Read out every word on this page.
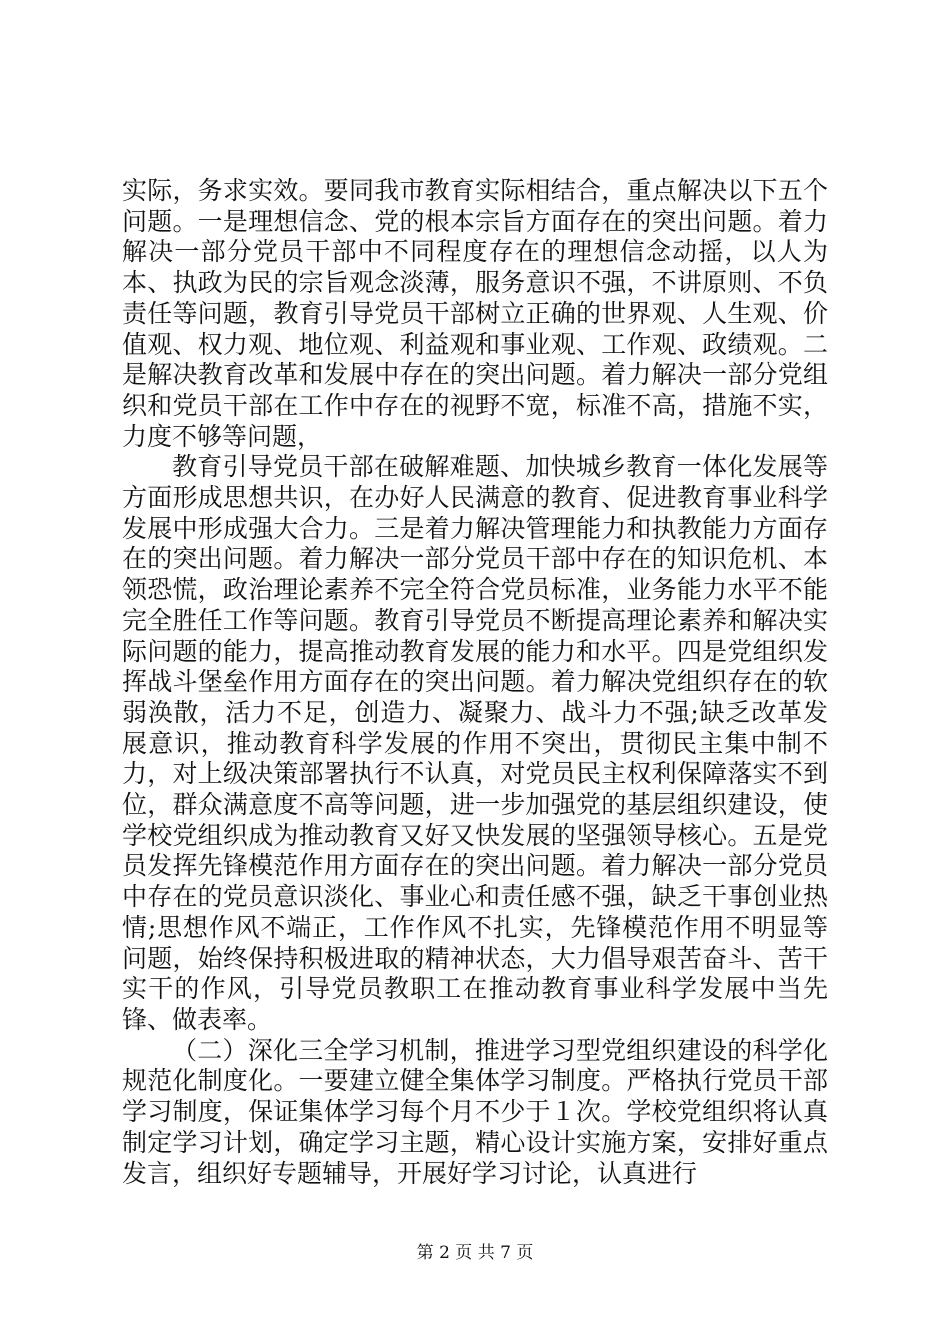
实际，务求实效。要同我市教育实际相结合，重点解决以下五个问题。一是理想信念、党的根本宗旨方面存在的突出问题。着力解决一部分党员干部中不同程度存在的理想信念动摇，以人为本、执政为民的宗旨观念淡薄，服务意识不强，不讲原则、不负责任等问题，教育引导党员干部树立正确的世界观、人生观、价值观、权力观、地位观、利益观和事业观、工作观、政绩观。二是解决教育改革和发展中存在的突出问题。着力解决一部分党组织和党员干部在工作中存在的视野不宽，标准不高，措施不实，力度不够等问题，

教育引导党员干部在破解难题、加快城乡教育一体化发展等方面形成思想共识，在办好人民满意的教育、促进教育事业科学发展中形成强大合力。三是着力解决管理能力和执教能力方面存在的突出问题。着力解决一部分党员干部中存在的知识危机、本领恐慌，政治理论素养不完全符合党员标准，业务能力水平不能完全胜任工作等问题。教育引导党员不断提高理论素养和解决实际问题的能力，提高推动教育发展的能力和水平。四是党组织发挥战斗堡垒作用方面存在的突出问题。着力解决党组织存在的软弱涣散，活力不足，创造力、凝聚力、战斗力不强;缺乏改革发展意识，推动教育科学发展的作用不突出，贯彻民主集中制不力，对上级决策部署执行不认真，对党员民主权利保障落实不到位，群众满意度不高等问题，进一步加强党的基层组织建设，使学校党组织成为推动教育又好又快发展的坚强领导核心。五是党员发挥先锋模范作用方面存在的突出问题。着力解决一部分党员中存在的党员意识淡化、事业心和责任感不强，缺乏干事创业热情;思想作风不端正，工作作风不扎实，先锋模范作用不明显等问题，始终保持积极进取的精神状态，大力倡导艰苦奋斗、苦干实干的作风，引导党员教职工在推动教育事业科学发展中当先锋、做表率。

（二）深化三全学习机制，推进学习型党组织建设的科学化规范化制度化。一要建立健全集体学习制度。严格执行党员干部学习制度，保证集体学习每个月不少于１次。学校党组织将认真制定学习计划，确定学习主题，精心设计实施方案，安排好重点发言，组织好专题辅导，开展好学习讨论，认真进行

第 2 页 共 7 页
